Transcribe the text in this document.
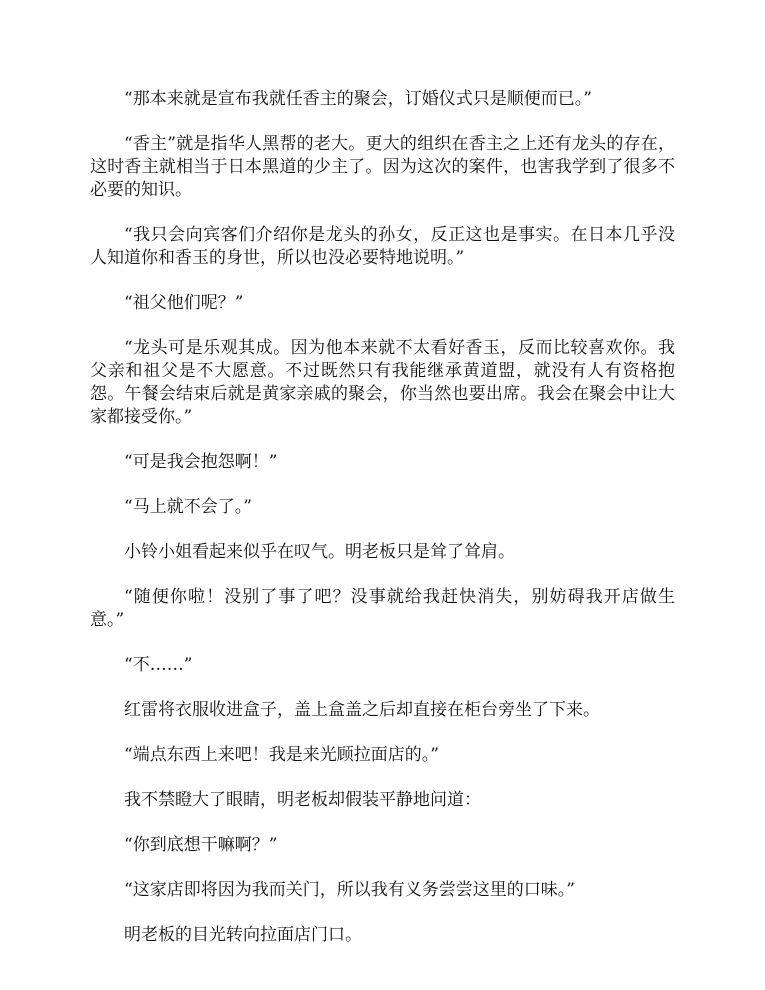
“那本来就是宣布我就任香主的聚会，订婚仪式只是顺便而已。”

“香主”就是指华人黑帮的老大。更大的组织在香主之上还有龙头的存在，这时香主就相当于日本黑道的少主了。因为这次的案件，也害我学到了很多不必要的知识。

“我只会向宾客们介绍你是龙头的孙女，反正这也是事实。在日本几乎没人知道你和香玉的身世，所以也没必要特地说明。”

“祖父他们呢？”

“龙头可是乐观其成。因为他本来就不太看好香玉，反而比较喜欢你。我父亲和祖父是不大愿意。不过既然只有我能继承黄道盟，就没有人有资格抱怨。午餐会结束后就是黄家亲戚的聚会，你当然也要出席。我会在聚会中让大家都接受你。”

“可是我会抱怨啊！”

“马上就不会了。”

小铃小姐看起来似乎在叹气。明老板只是耸了耸肩。

“随便你啦！没别了事了吧？没事就给我赶快消失，别妨碍我开店做生意。”

“不……”

红雷将衣服收进盒子，盖上盒盖之后却直接在柜台旁坐了下来。

“端点东西上来吧！我是来光顾拉面店的。”

我不禁瞪大了眼睛，明老板却假装平静地问道：

“你到底想干嘛啊？”

“这家店即将因为我而关门，所以我有义务尝尝这里的口味。”

明老板的目光转向拉面店门口。
